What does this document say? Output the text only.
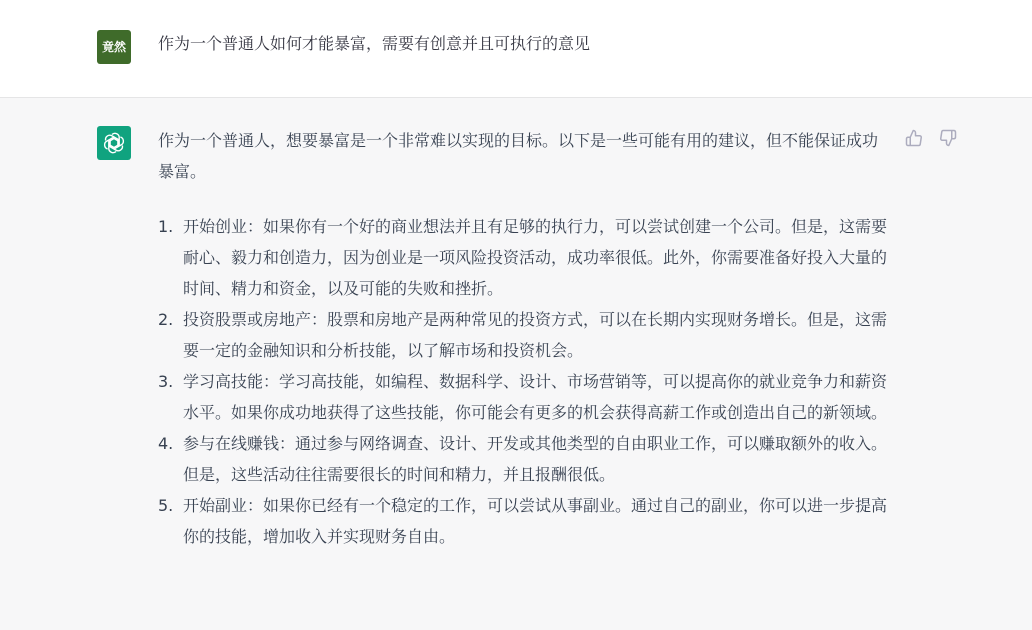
竟然	作为一个普通人如何才能暴富，需要有创意并且可执行的意见

作为一个普通人，想要暴富是一个非常难以实现的目标。以下是一些可能有用的建议，但不能保证成功暴富。

1. 开始创业：如果你有一个好的商业想法并且有足够的执行力，可以尝试创建一个公司。但是，这需要耐心、毅力和创造力，因为创业是一项风险投资活动，成功率很低。此外，你需要准备好投入大量的时间、精力和资金，以及可能的失败和挫折。
2. 投资股票或房地产：股票和房地产是两种常见的投资方式，可以在长期内实现财务增长。但是，这需要一定的金融知识和分析技能，以了解市场和投资机会。
3. 学习高技能：学习高技能，如编程、数据科学、设计、市场营销等，可以提高你的就业竞争力和薪资水平。如果你成功地获得了这些技能，你可能会有更多的机会获得高薪工作或创造出自己的新领域。
4. 参与在线赚钱：通过参与网络调查、设计、开发或其他类型的自由职业工作，可以赚取额外的收入。但是，这些活动往往需要很长的时间和精力，并且报酬很低。
5. 开始副业：如果你已经有一个稳定的工作，可以尝试从事副业。通过自己的副业，你可以进一步提高你的技能，增加收入并实现财务自由。
